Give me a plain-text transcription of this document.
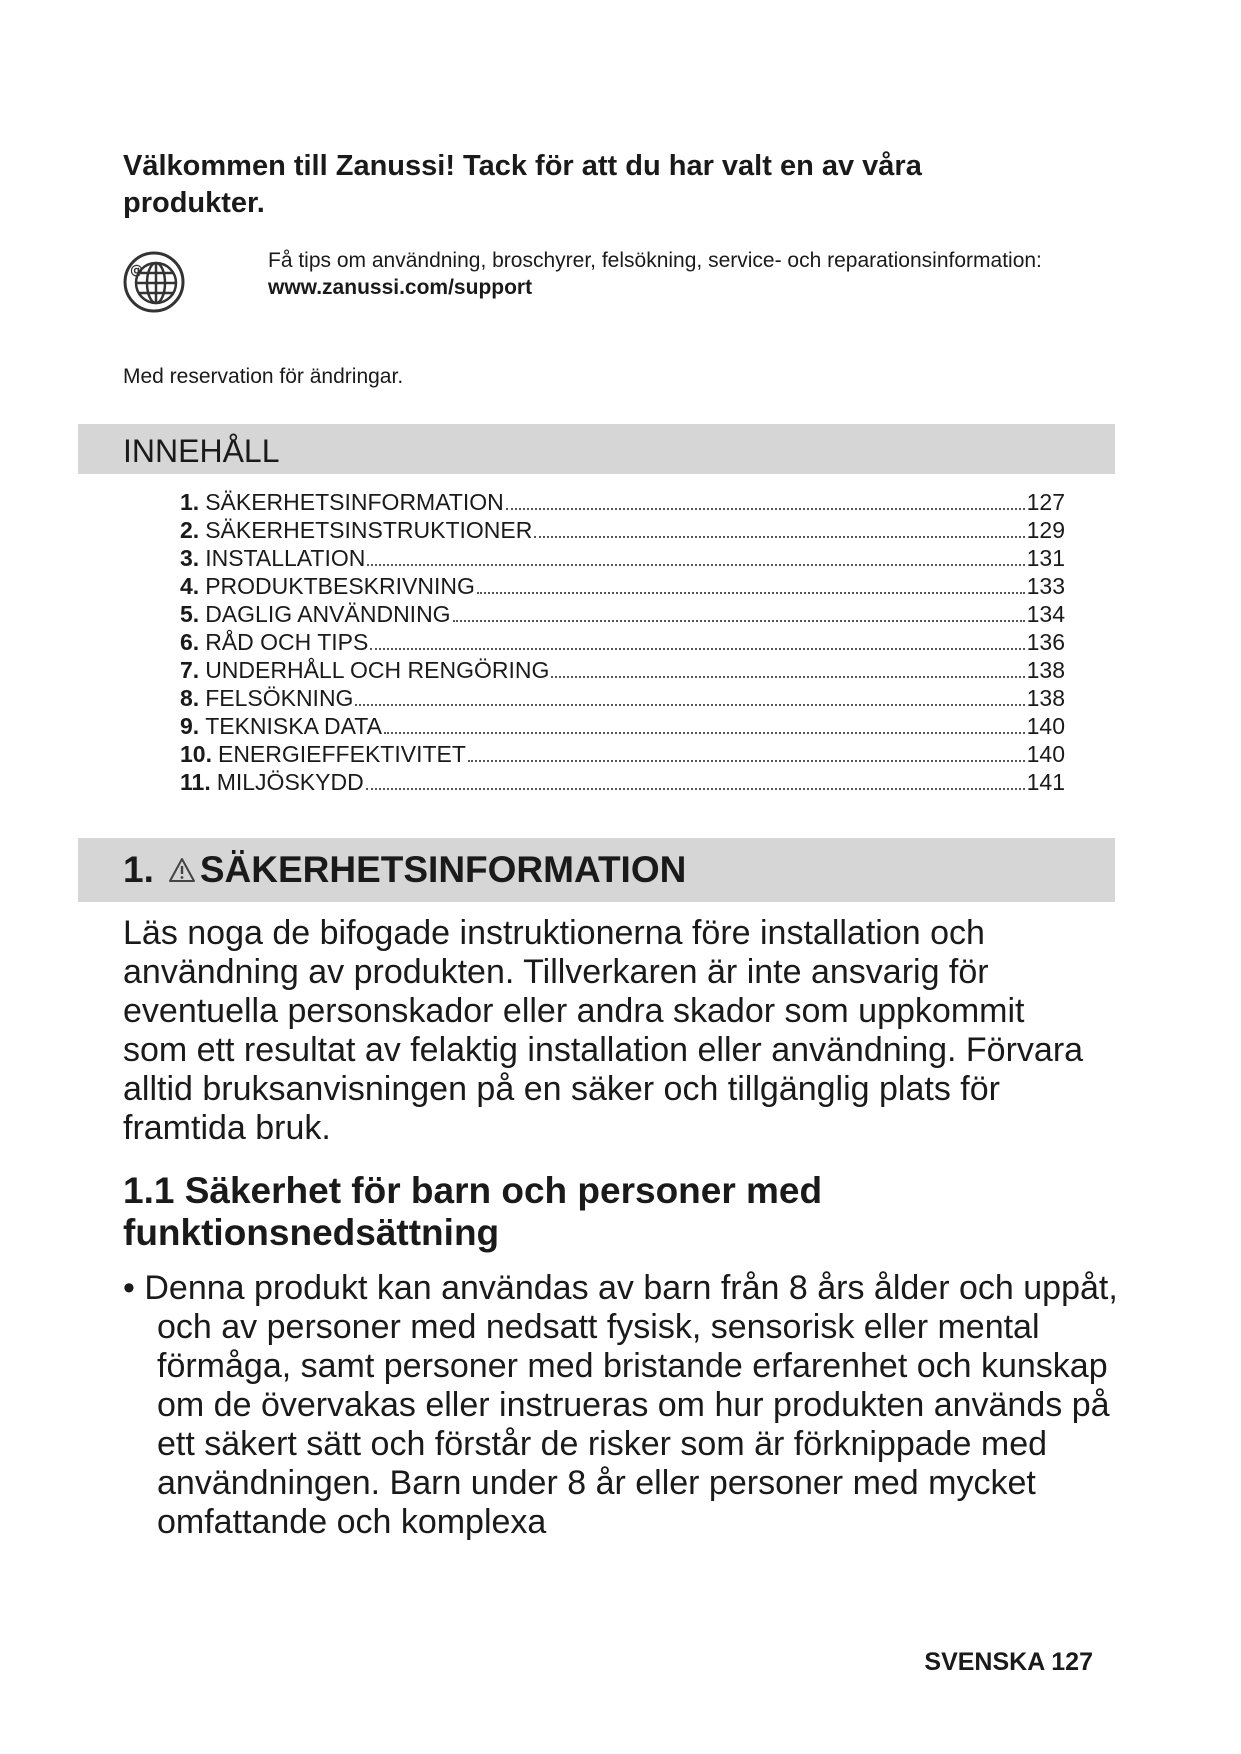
Välkommen till Zanussi! Tack för att du har valt en av våra produkter.
@	Få tips om användning, broschyrer, felsökning, service- och reparationsinformation:
www.zanussi.com/support
Med reservation för ändringar.
INNEHÅLL
1. SÄKERHETSINFORMATION	127
2. SÄKERHETSINSTRUKTIONER	129
3. INSTALLATION	131
4. PRODUKTBESKRIVNING	133
5. DAGLIG ANVÄNDNING	134
6. RÅD OCH TIPS	136
7. UNDERHÅLL OCH RENGÖRING	138
8. FELSÖKNING	138
9. TEKNISKA DATA	140
10. ENERGIEFFEKTIVITET	140
11. MILJÖSKYDD	141
1. SÄKERHETSINFORMATION

Läs noga de bifogade instruktionerna före installation och användning av produkten. Tillverkaren är inte ansvarig för eventuella personskador eller andra skador som uppkommit som ett resultat av felaktig installation eller användning. Förvara alltid bruksanvisningen på en säker och tillgänglig plats för framtida bruk.

1.1 Säkerhet för barn och personer med funktionsnedsättning

• Denna produkt kan användas av barn från 8 års ålder och uppåt, och av personer med nedsatt fysisk, sensorisk eller mental förmåga, samt personer med bristande erfarenhet och kunskap om de övervakas eller instrueras om hur produkten används på ett säkert sätt och förstår de risker som är förknippade med användningen. Barn under 8 år eller personer med mycket omfattande och komplexa

SVENSKA 127
